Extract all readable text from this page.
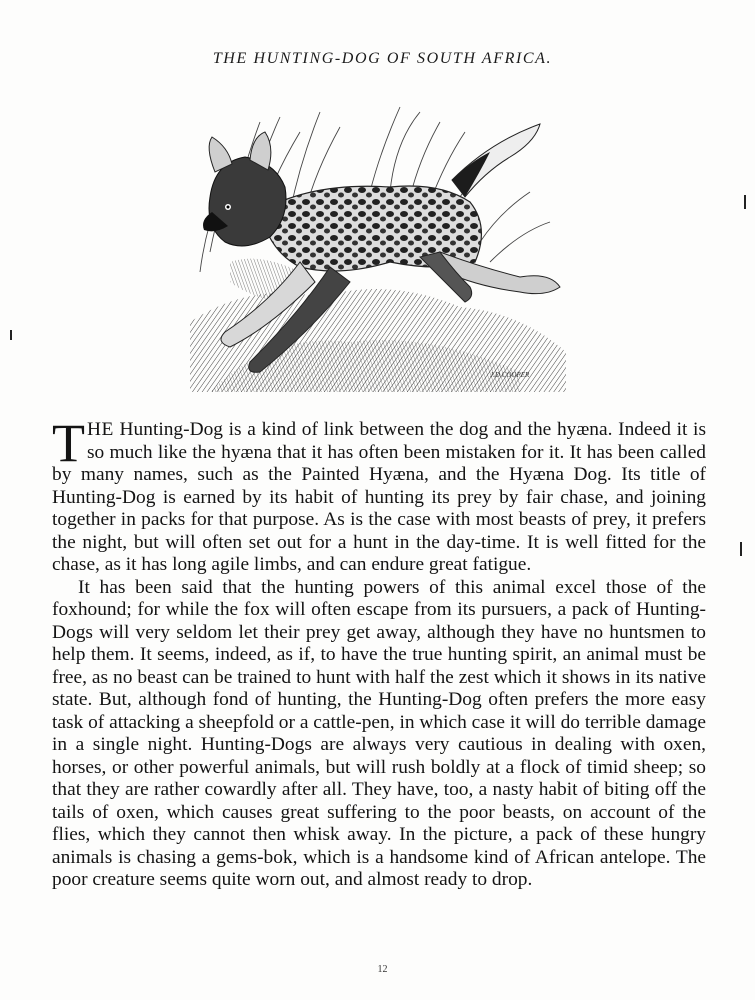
THE HUNTING-DOG OF SOUTH AFRICA.
J.D.COOPER

THE Hunting-Dog is a kind of link between the dog and the hyæna. Indeed it is so much like the hyæna that it has often been mistaken for it. It has been called by many names, such as the Painted Hyæna, and the Hyæna Dog. Its title of Hunting-Dog is earned by its habit of hunting its prey by fair chase, and joining together in packs for that purpose. As is the case with most beasts of prey, it prefers the night, but will often set out for a hunt in the day-time. It is well fitted for the chase, as it has long agile limbs, and can endure great fatigue.

It has been said that the hunting powers of this animal excel those of the foxhound; for while the fox will often escape from its pursuers, a pack of Hunting-Dogs will very seldom let their prey get away, although they have no huntsmen to help them. It seems, indeed, as if, to have the true hunting spirit, an animal must be free, as no beast can be trained to hunt with half the zest which it shows in its native state. But, although fond of hunting, the Hunting-Dog often prefers the more easy task of attacking a sheepfold or a cattle-pen, in which case it will do terrible damage in a single night. Hunting-Dogs are always very cautious in dealing with oxen, horses, or other powerful animals, but will rush boldly at a flock of timid sheep; so that they are rather cowardly after all. They have, too, a nasty habit of biting off the tails of oxen, which causes great suffering to the poor beasts, on account of the flies, which they cannot then whisk away. In the picture, a pack of these hungry animals is chasing a gems-bok, which is a handsome kind of African antelope. The poor creature seems quite worn out, and almost ready to drop.

12
